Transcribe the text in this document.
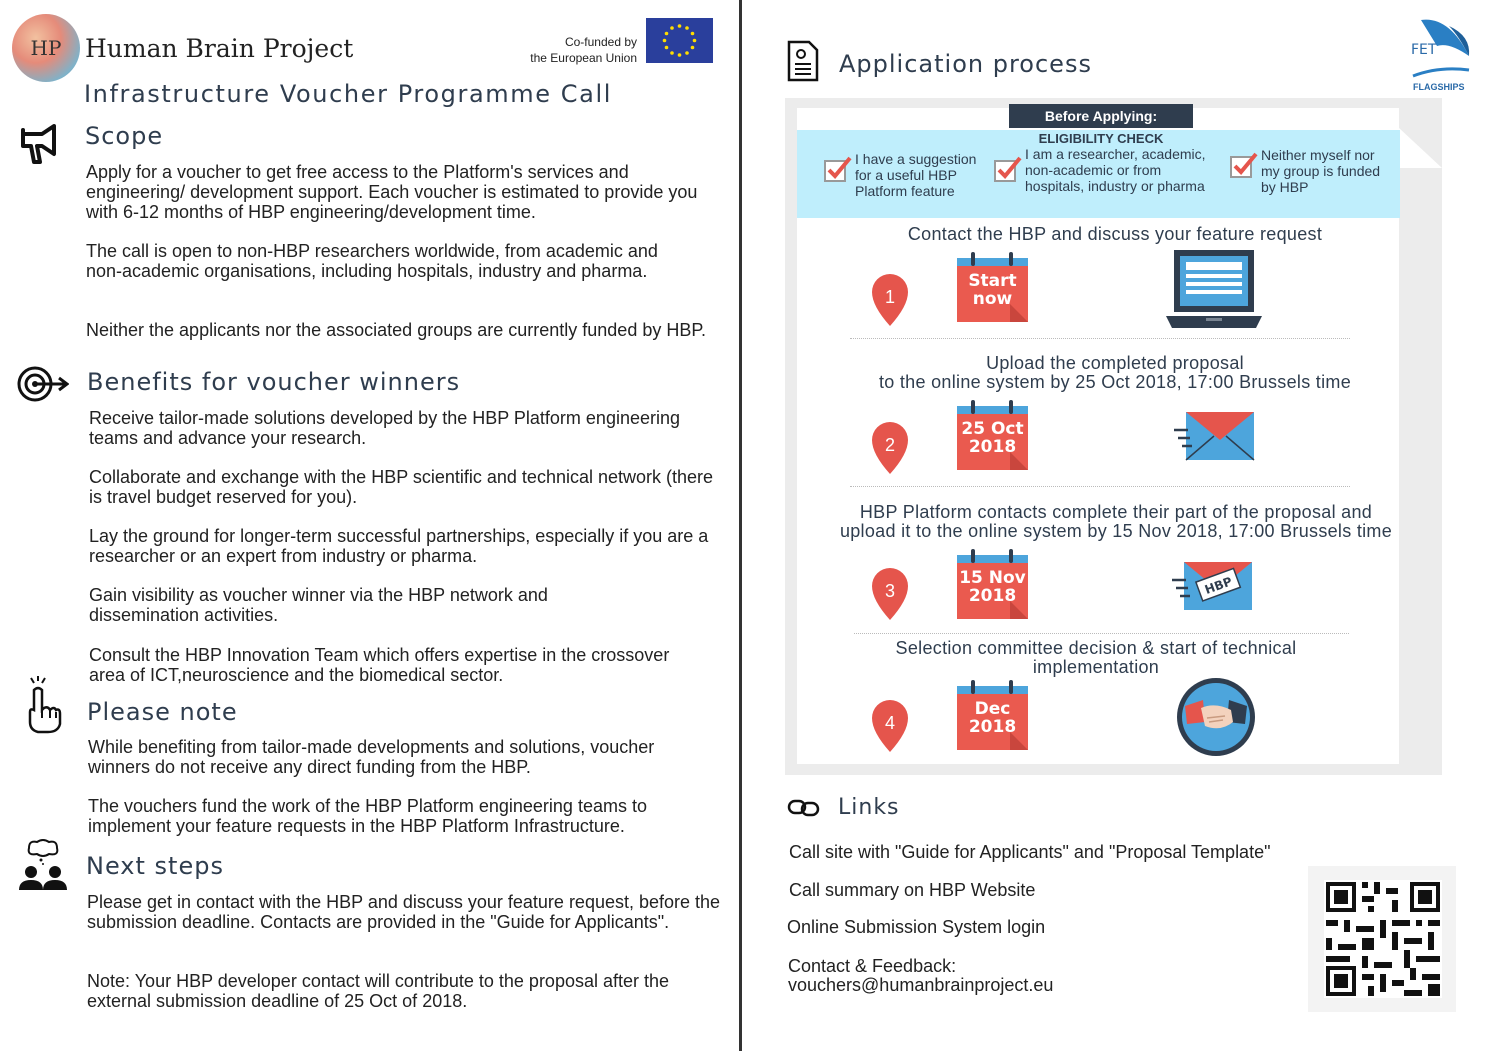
HP Human Brain Project	Co-funded by
the European Union
Infrastructure Voucher Programme Call
Scope

Apply for a voucher to get free access to the Platform's services and engineering/ development support. Each voucher is estimated to provide you with 6-12 months of HBP engineering/development time.

The call is open to non-HBP researchers worldwide, from academic and non-academic organisations, including hospitals, industry and pharma.

Neither the applicants nor the associated groups are currently funded by HBP.

Benefits for voucher winners

Receive tailor-made solutions developed by the HBP Platform engineering teams and advance your research.

Collaborate and exchange with the HBP scientific and technical network (there is travel budget reserved for you).

Lay the ground for longer-term successful partnerships, especially if you are a researcher or an expert from industry or pharma.

Gain visibility as voucher winner via the HBP network and dissemination activities.

Consult the HBP Innovation Team which offers expertise in the crossover area of ICT,neuroscience and the biomedical sector.

Please note

While benefiting from tailor-made developments and solutions, voucher winners do not receive any direct funding from the HBP.

The vouchers fund the work of the HBP Platform engineering teams to implement your feature requests in the HBP Platform Infrastructure.

Next steps

Please get in contact with the HBP and discuss your feature request, before the submission deadline. Contacts are provided in the "Guide for Applicants".

Note: Your HBP developer contact will contribute to the proposal after the external submission deadline of 25 Oct of 2018.

Application process	FET
FLAGSHIPS
Before Applying:
ELIGIBILITY CHECK
I have a suggestion for a useful HBP Platform feature
I am a researcher, academic, non-academic or from hospitals, industry or pharma
Neither myself nor my group is funded by HBP
Contact the HBP and discuss your feature request
1
Start
now
Upload the completed proposal
to the online system by 25 Oct 2018, 17:00 Brussels time
2
25 Oct
2018
HBP Platform contacts complete their part of the proposal and
upload it to the online system by 15 Nov 2018, 17:00 Brussels time
3
15 Nov
2018	HBP
Selection committee decision & start of technical
implementation
4
Dec
2018
Links
Call site with "Guide for Applicants" and "Proposal Template"
Call summary on HBP Website
Online Submission System login
Contact & Feedback:
vouchers@humanbrainproject.eu
